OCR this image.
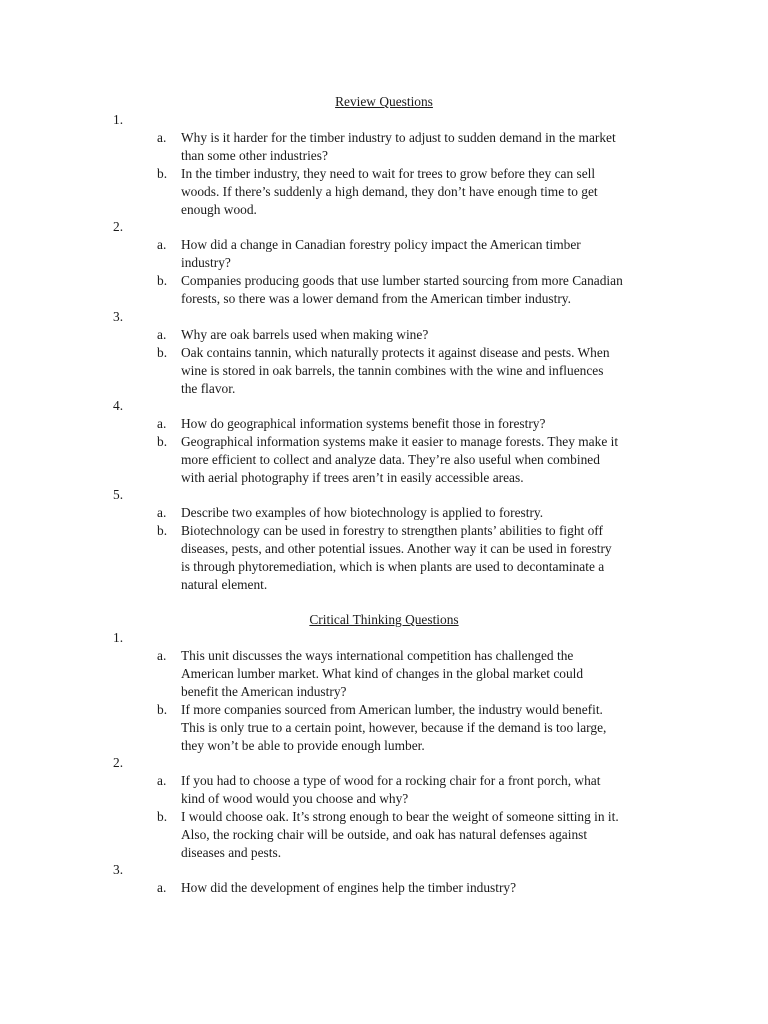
Review Questions
1.
a. Why is it harder for the timber industry to adjust to sudden demand in the market
than some other industries?
b. In the timber industry, they need to wait for trees to grow before they can sell
woods. If there’s suddenly a high demand, they don’t have enough time to get
enough wood.
2.
a. How did a change in Canadian forestry policy impact the American timber
industry?
b. Companies producing goods that use lumber started sourcing from more Canadian
forests, so there was a lower demand from the American timber industry.
3.
a. Why are oak barrels used when making wine?
b. Oak contains tannin, which naturally protects it against disease and pests. When
wine is stored in oak barrels, the tannin combines with the wine and influences
the flavor.
4.
a. How do geographical information systems benefit those in forestry?
b. Geographical information systems make it easier to manage forests. They make it
more efficient to collect and analyze data. They’re also useful when combined
with aerial photography if trees aren’t in easily accessible areas.
5.
a. Describe two examples of how biotechnology is applied to forestry.
b. Biotechnology can be used in forestry to strengthen plants’ abilities to fight off
diseases, pests, and other potential issues. Another way it can be used in forestry
is through phytoremediation, which is when plants are used to decontaminate a
natural element.
Critical Thinking Questions
1.
a. This unit discusses the ways international competition has challenged the
American lumber market. What kind of changes in the global market could
benefit the American industry?
b. If more companies sourced from American lumber, the industry would benefit.
This is only true to a certain point, however, because if the demand is too large,
they won’t be able to provide enough lumber.
2.
a. If you had to choose a type of wood for a rocking chair for a front porch, what
kind of wood would you choose and why?
b. I would choose oak. It’s strong enough to bear the weight of someone sitting in it.
Also, the rocking chair will be outside, and oak has natural defenses against
diseases and pests.
3.
a. How did the development of engines help the timber industry?
